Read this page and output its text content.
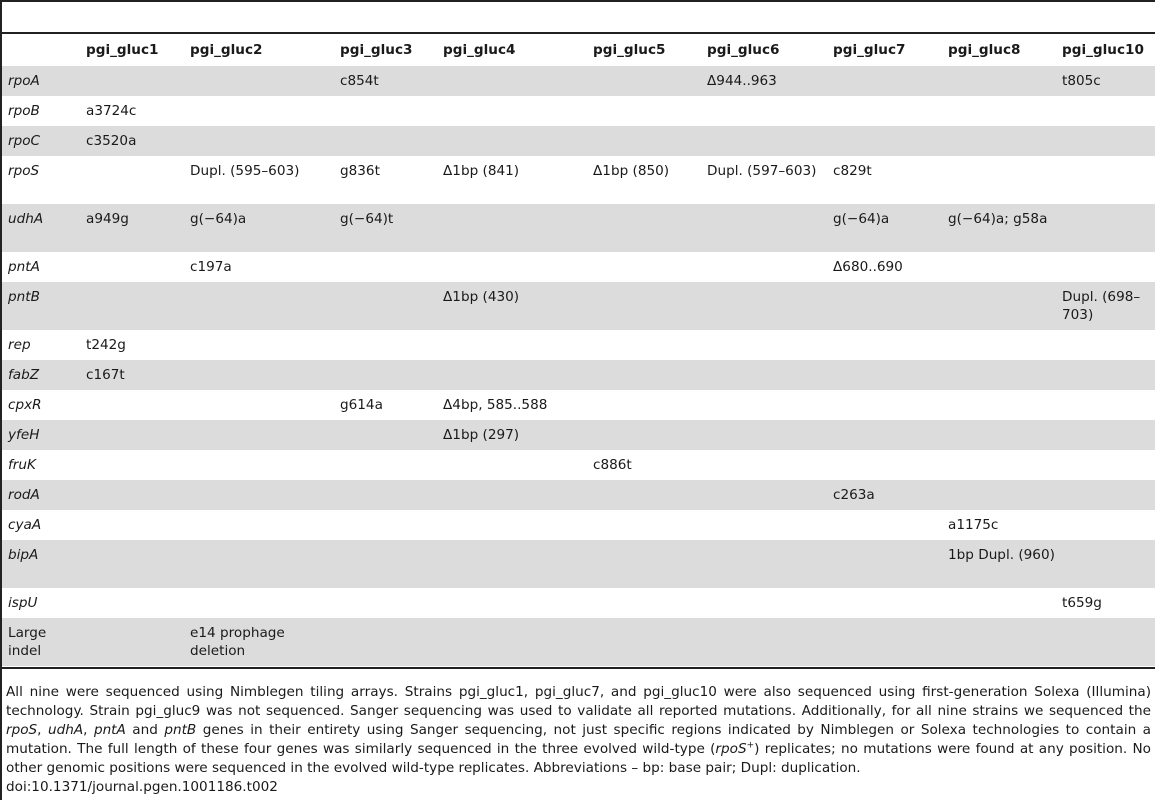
	pgi_gluc1	pgi_gluc2	pgi_gluc3	pgi_gluc4	pgi_gluc5	pgi_gluc6	pgi_gluc7	pgi_gluc8	pgi_gluc10
rpoA			c854t			Δ944..963			t805c
rpoB	a3724c								
rpoC	c3520a								
rpoS		Dupl. (595–603)	g836t	Δ1bp (841)	Δ1bp (850)	Dupl. (597–603)	c829t		
udhA	a949g	g(−64)a	g(−64)t				g(−64)a	g(−64)a; g58a	
pntA		c197a					Δ680..690		
pntB				Δ1bp (430)					Dupl. (698–703)
rep	t242g								
fabZ	c167t								
cpxR			g614a	Δ4bp, 585..588					
yfeH				Δ1bp (297)					
fruK					c886t				
rodA							c263a		
cyaA								a1175c	
bipA								1bp Dupl. (960)	
ispU									t659g
Large indel		e14 prophage deletion							
All nine were sequenced using Nimblegen tiling arrays. Strains pgi_gluc1, pgi_gluc7, and pgi_gluc10 were also sequenced using first-generation Solexa (Illumina) technology. Strain pgi_gluc9 was not sequenced. Sanger sequencing was used to validate all reported mutations. Additionally, for all nine strains we sequenced the rpoS, udhA, pntA and pntB genes in their entirety using Sanger sequencing, not just specific regions indicated by Nimblegen or Solexa technologies to contain a mutation. The full length of these four genes was similarly sequenced in the three evolved wild-type (rpoS+) replicates; no mutations were found at any position. No other genomic positions were sequenced in the evolved wild-type replicates. Abbreviations – bp: base pair; Dupl: duplication.
doi:10.1371/journal.pgen.1001186.t002
